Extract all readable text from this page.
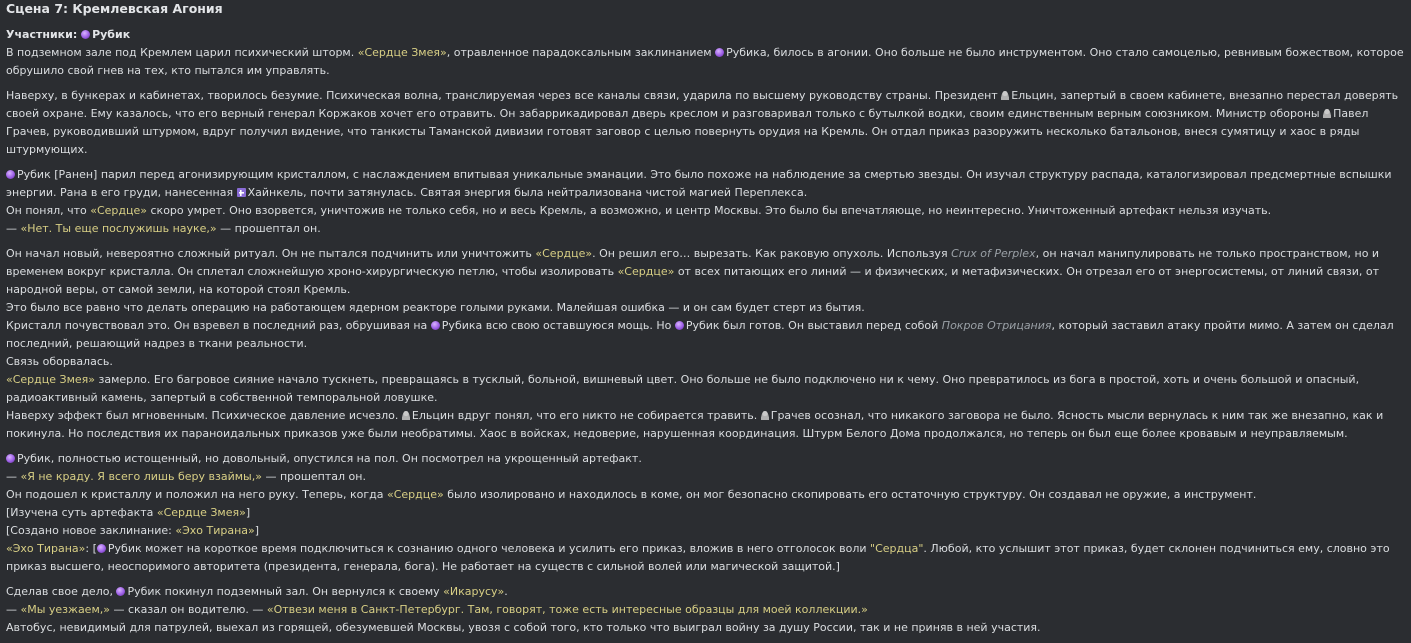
Сцена 7: Кремлевская Агония
Участники: Рубик
В подземном зале под Кремлем царил психический шторм. «Сердце Змея», отравленное парадоксальным заклинанием Рубика, билось в агонии. Оно больше не было инструментом. Оно стало самоцелью, ревнивым божеством, которое обрушило свой гнев на тех, кто пытался им управлять.
Наверху, в бункерах и кабинетах, творилось безумие. Психическая волна, транслируемая через все каналы связи, ударила по высшему руководству страны. Президент Ельцин, запертый в своем кабинете, внезапно перестал доверять своей охране. Ему казалось, что его верный генерал Коржаков хочет его отравить. Он забаррикадировал дверь креслом и разговаривал только с бутылкой водки, своим единственным верным союзником. Министр обороны Павел Грачев, руководивший штурмом, вдруг получил видение, что танкисты Таманской дивизии готовят заговор с целью повернуть орудия на Кремль. Он отдал приказ разоружить несколько батальонов, внеся сумятицу и хаос в ряды штурмующих.
Рубик [Ранен] парил перед агонизирующим кристаллом, с наслаждением впитывая уникальные эманации. Это было похоже на наблюдение за смертью звезды. Он изучал структуру распада, каталогизировал предсмертные вспышки энергии. Рана в его груди, нанесенная Хайнкель, почти затянулась. Святая энергия была нейтрализована чистой магией Переплекса.
Он понял, что «Сердце» скоро умрет. Оно взорвется, уничтожив не только себя, но и весь Кремль, а возможно, и центр Москвы. Это было бы впечатляюще, но неинтересно. Уничтоженный артефакт нельзя изучать.
— «Нет. Ты еще послужишь науке,» — прошептал он.
Он начал новый, невероятно сложный ритуал. Он не пытался подчинить или уничтожить «Сердце». Он решил его… вырезать. Как раковую опухоль. Используя Crux of Perplex, он начал манипулировать не только пространством, но и временем вокруг кристалла. Он сплетал сложнейшую хроно-хирургическую петлю, чтобы изолировать «Сердце» от всех питающих его линий — и физических, и метафизических. Он отрезал его от энергосистемы, от линий связи, от народной веры, от самой земли, на которой стоял Кремль.
Это было все равно что делать операцию на работающем ядерном реакторе голыми руками. Малейшая ошибка — и он сам будет стерт из бытия.
Кристалл почувствовал это. Он взревел в последний раз, обрушивая на Рубика всю свою оставшуюся мощь. Но Рубик был готов. Он выставил перед собой Покров Отрицания, который заставил атаку пройти мимо. А затем он сделал последний, решающий надрез в ткани реальности.
Связь оборвалась.
«Сердце Змея» замерло. Его багровое сияние начало тускнеть, превращаясь в тусклый, больной, вишневый цвет. Оно больше не было подключено ни к чему. Оно превратилось из бога в простой, хоть и очень большой и опасный, радиоактивный камень, запертый в собственной темпоральной ловушке.
Наверху эффект был мгновенным. Психическое давление исчезло. Ельцин вдруг понял, что его никто не собирается травить. Грачев осознал, что никакого заговора не было. Ясность мысли вернулась к ним так же внезапно, как и покинула. Но последствия их параноидальных приказов уже были необратимы. Хаос в войсках, недоверие, нарушенная координация. Штурм Белого Дома продолжался, но теперь он был еще более кровавым и неуправляемым.
Рубик, полностью истощенный, но довольный, опустился на пол. Он посмотрел на укрощенный артефакт.
— «Я не краду. Я всего лишь беру взаймы,» — прошептал он.
Он подошел к кристаллу и положил на него руку. Теперь, когда «Сердце» было изолировано и находилось в коме, он мог безопасно скопировать его остаточную структуру. Он создавал не оружие, а инструмент.
[Изучена суть артефакта «Сердце Змея»]
[Создано новое заклинание: «Эхо Тирана»]
«Эхо Тирана»: [ Рубик может на короткое время подключиться к сознанию одного человека и усилить его приказ, вложив в него отголосок воли "Сердца". Любой, кто услышит этот приказ, будет склонен подчиниться ему, словно это приказ высшего, неоспоримого авторитета (президента, генерала, бога). Не работает на существ с сильной волей или магической защитой.]
Сделав свое дело, Рубик покинул подземный зал. Он вернулся к своему «Икарусу».
— «Мы уезжаем,» — сказал он водителю. — «Отвези меня в Санкт-Петербург. Там, говорят, тоже есть интересные образцы для моей коллекции.»
Автобус, невидимый для патрулей, выехал из горящей, обезумевшей Москвы, увозя с собой того, кто только что выиграл войну за душу России, так и не приняв в ней участия.
